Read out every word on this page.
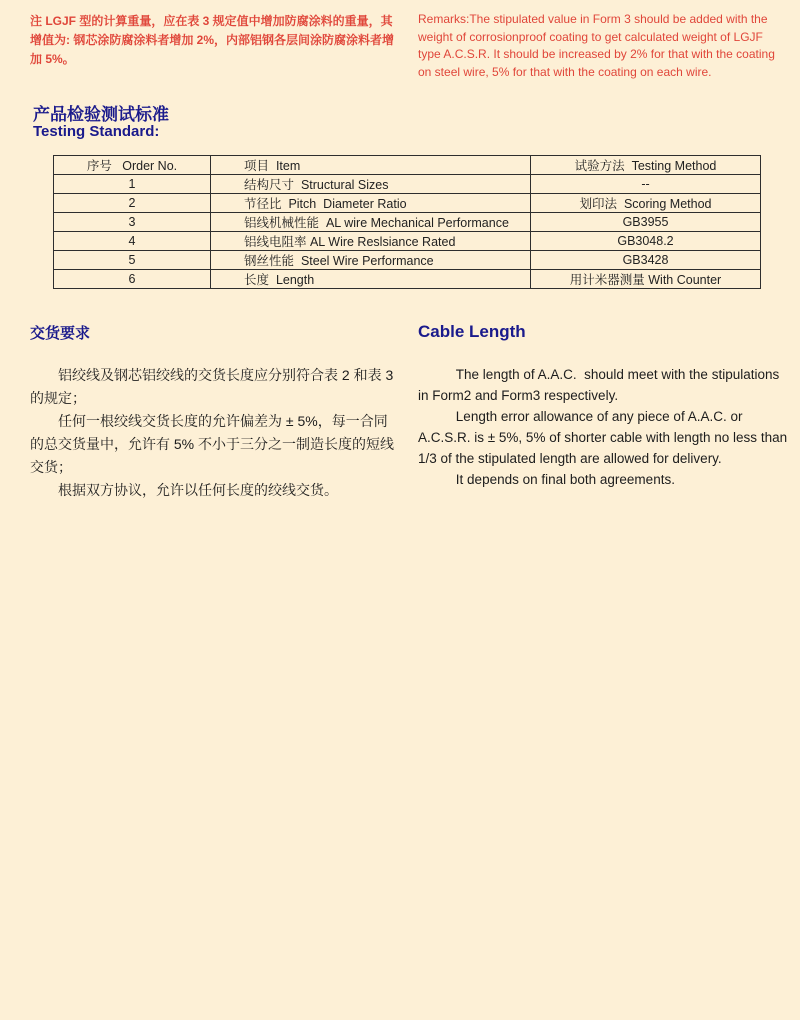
注 LGJF 型的计算重量，应在表 3 规定值中增加防腐涂料的重量，其增值为: 钢芯涂防腐涂料者增加 2%，内部铝钢各层间涂防腐涂料者增加 5%。
Remarks:The stipulated value in Form 3 should be added with the weight of corrosionproof coating to get calculated weight of LGJF type A.C.S.R. It should be increased by 2% for that with the coating on steel wire, 5% for that with the coating on each wire.
产品检验测试标准
Testing Standard:
序号   Order No.	项目  Item	试验方法  Testing Method
1	结构尺寸  Structural Sizes	--
2	节径比  Pitch  Diameter Ratio	划印法  Scoring Method
3	铝线机械性能  AL wire Mechanical Performance	GB3955
4	铝线电阻率 AL Wire Reslsiance Rated	GB3048.2
5	钢丝性能  Steel Wire Performance	GB3428
6	长度  Length	用计米器测量 With Counter
交货要求

铝绞线及钢芯铝绞线的交货长度应分别符合表 2 和表 3 的规定；

任何一根绞线交货长度的允许偏差为 ± 5%，每一合同的总交货量中，允许有 5% 不小于三分之一制造长度的短线交货；

根据双方协议，允许以任何长度的绞线交货。

Cable Length

The length of A.A.C.  should meet with the stipulations in Form2 and Form3 respectively.

Length error allowance of any piece of A.A.C. or A.C.S.R. is ± 5%, 5% of shorter cable with length no less than 1/3 of the stipulated length are allowed for delivery.

It depends on final both agreements.
